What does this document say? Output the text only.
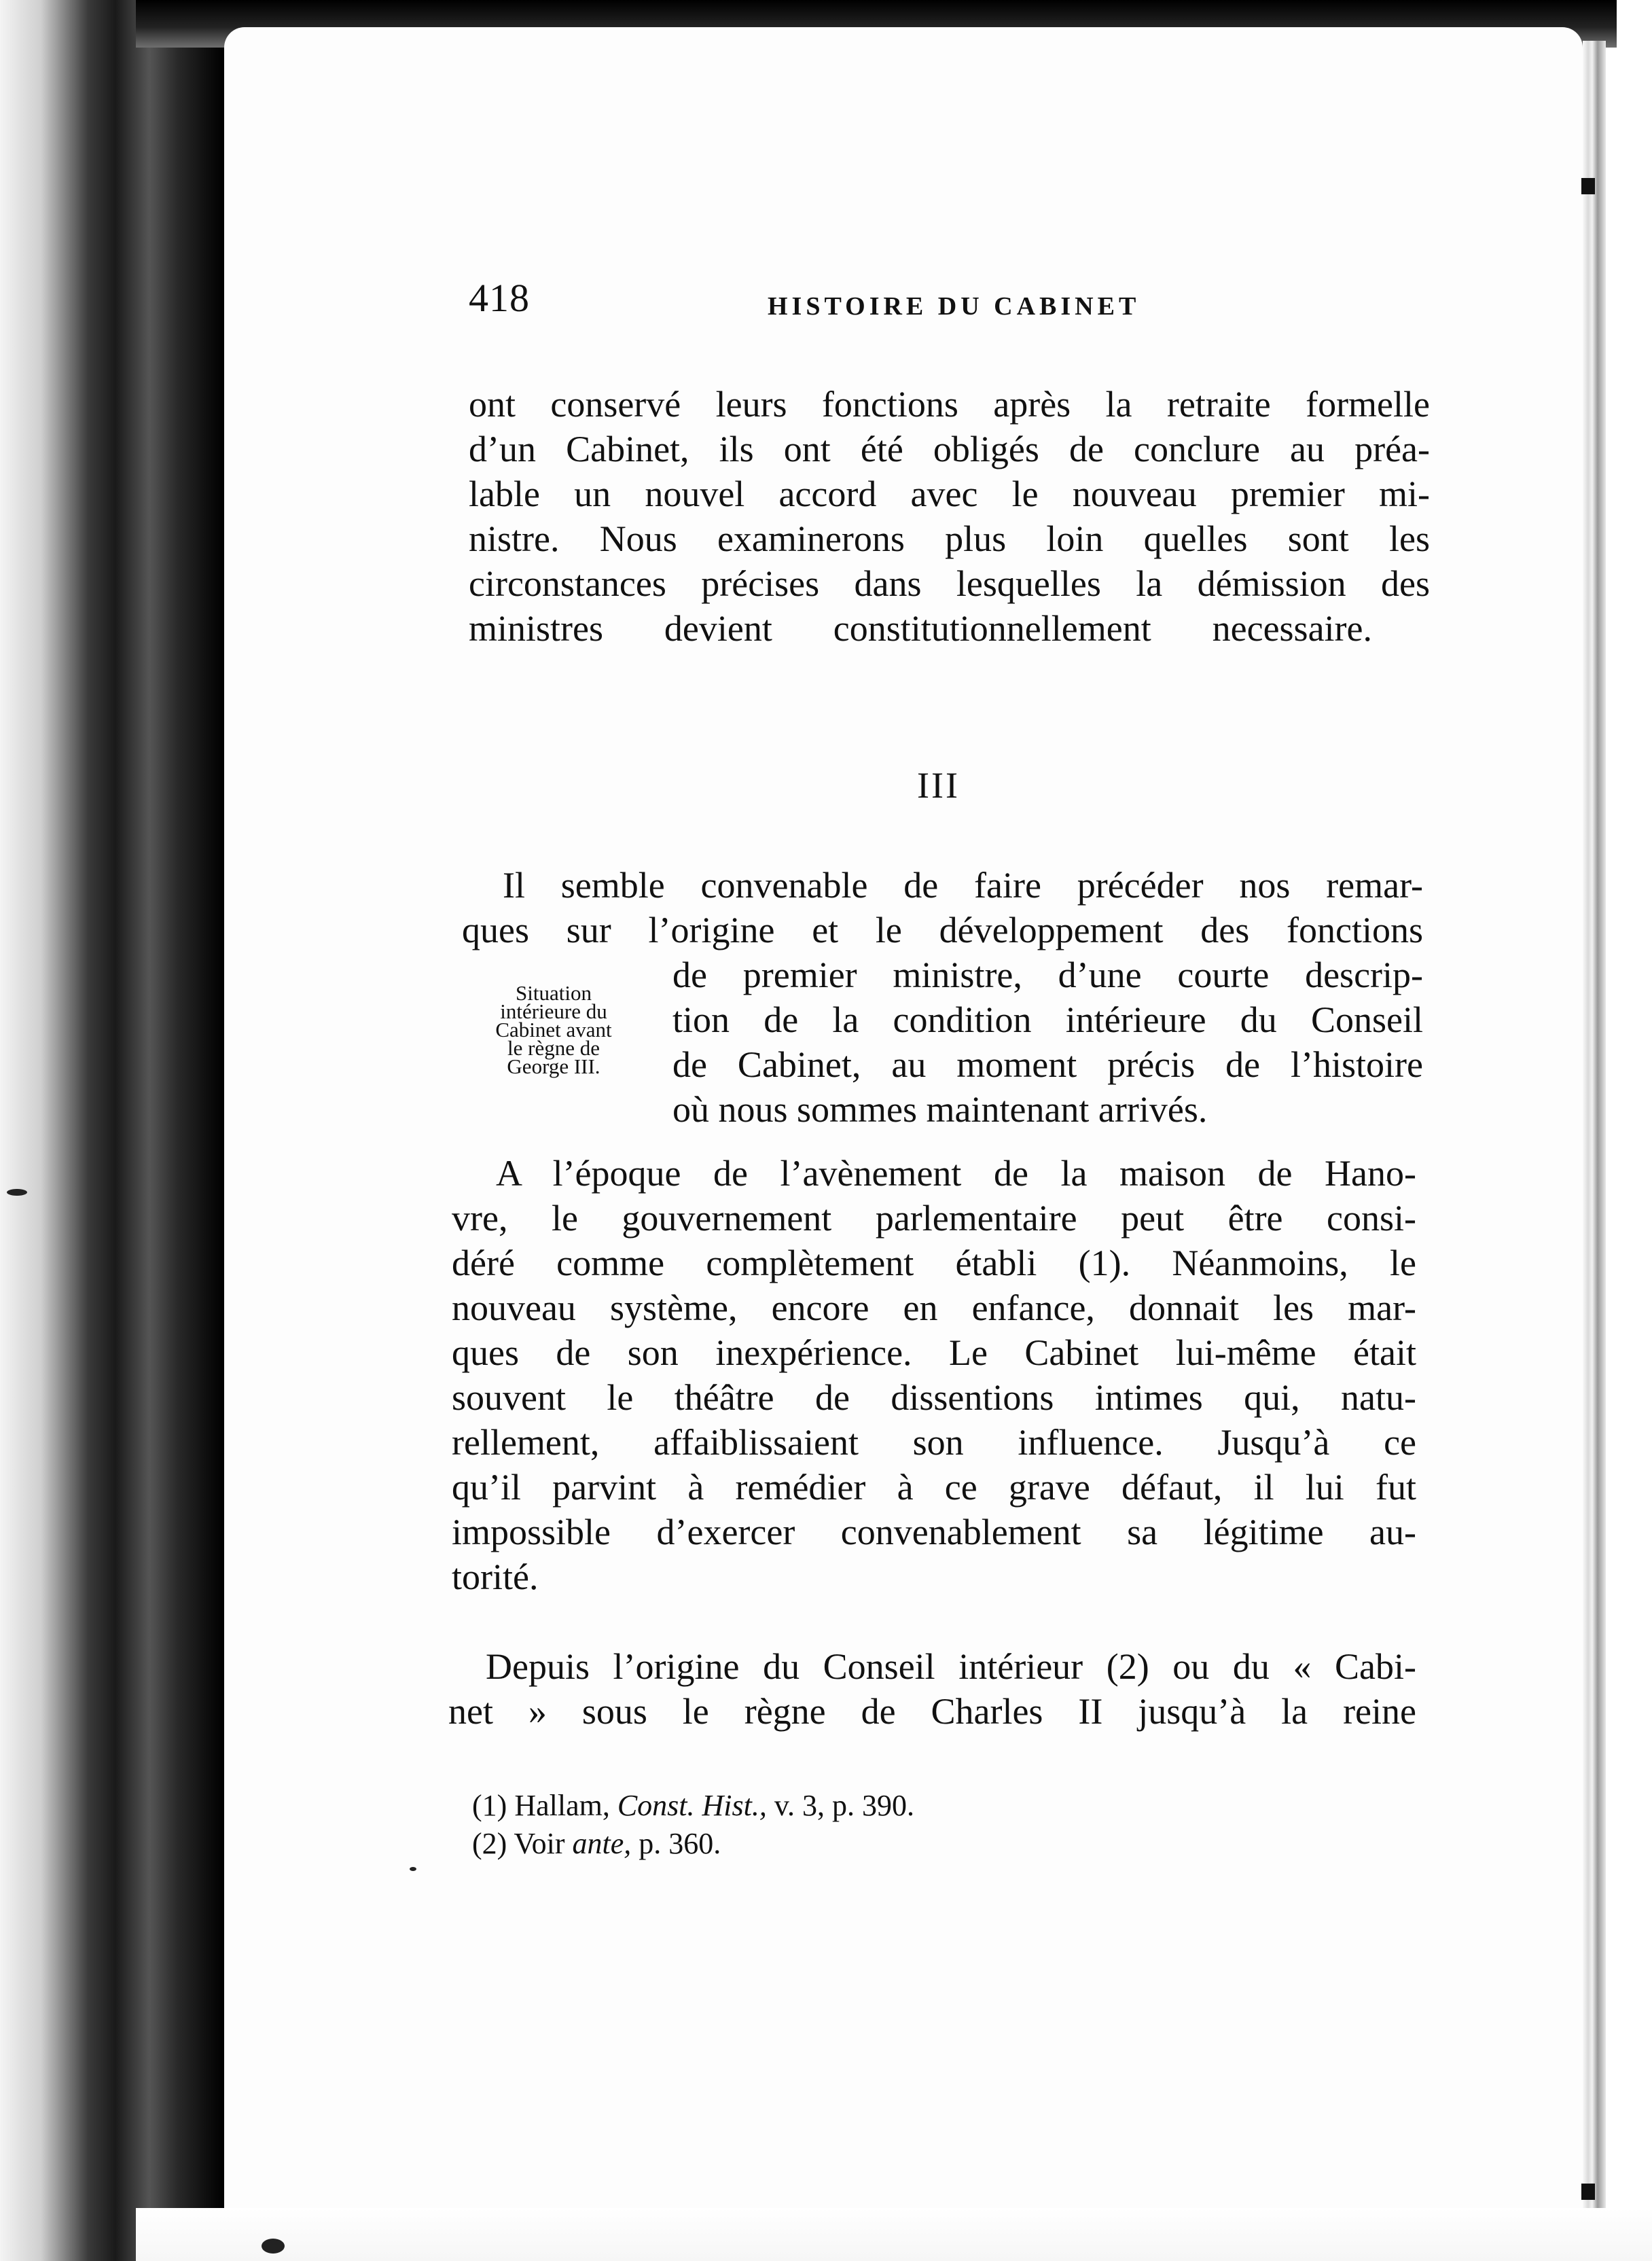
418	HISTOIRE DU CABINET
ont conservé leurs fonctions après la retraite formelle
d’un Cabinet, ils ont été obligés de conclure au préa-
lable un nouvel accord avec le nouveau premier mi-
nistre. Nous examinerons plus loin quelles sont les
circonstances précises dans lesquelles la démission des
ministres devient constitutionnellement necessaire.
III
Il semble convenable de faire précéder nos remar-
ques sur l’origine et le développement des fonctions
de premier ministre, d’une courte descrip-
tion de la condition intérieure du Conseil
de Cabinet, au moment précis de l’histoire
où nous sommes maintenant arrivés.
Situation
intérieure du
Cabinet avant
le règne de
George III.
A l’époque de l’avènement de la maison de Hano-
vre, le gouvernement parlementaire peut être consi-
déré comme complètement établi (1). Néanmoins, le
nouveau système, encore en enfance, donnait les mar-
ques de son inexpérience. Le Cabinet lui-même était
souvent le théâtre de dissentions intimes qui, natu-
rellement, affaiblissaient son influence. Jusqu’à ce
qu’il parvint à remédier à ce grave défaut, il lui fut
impossible d’exercer convenablement sa légitime au-
torité.
Depuis l’origine du Conseil intérieur (2) ou du « Cabi-
net » sous le règne de Charles II jusqu’à la reine
(1) Hallam, Const. Hist., v. 3, p. 390.
(2) Voir ante, p. 360.
